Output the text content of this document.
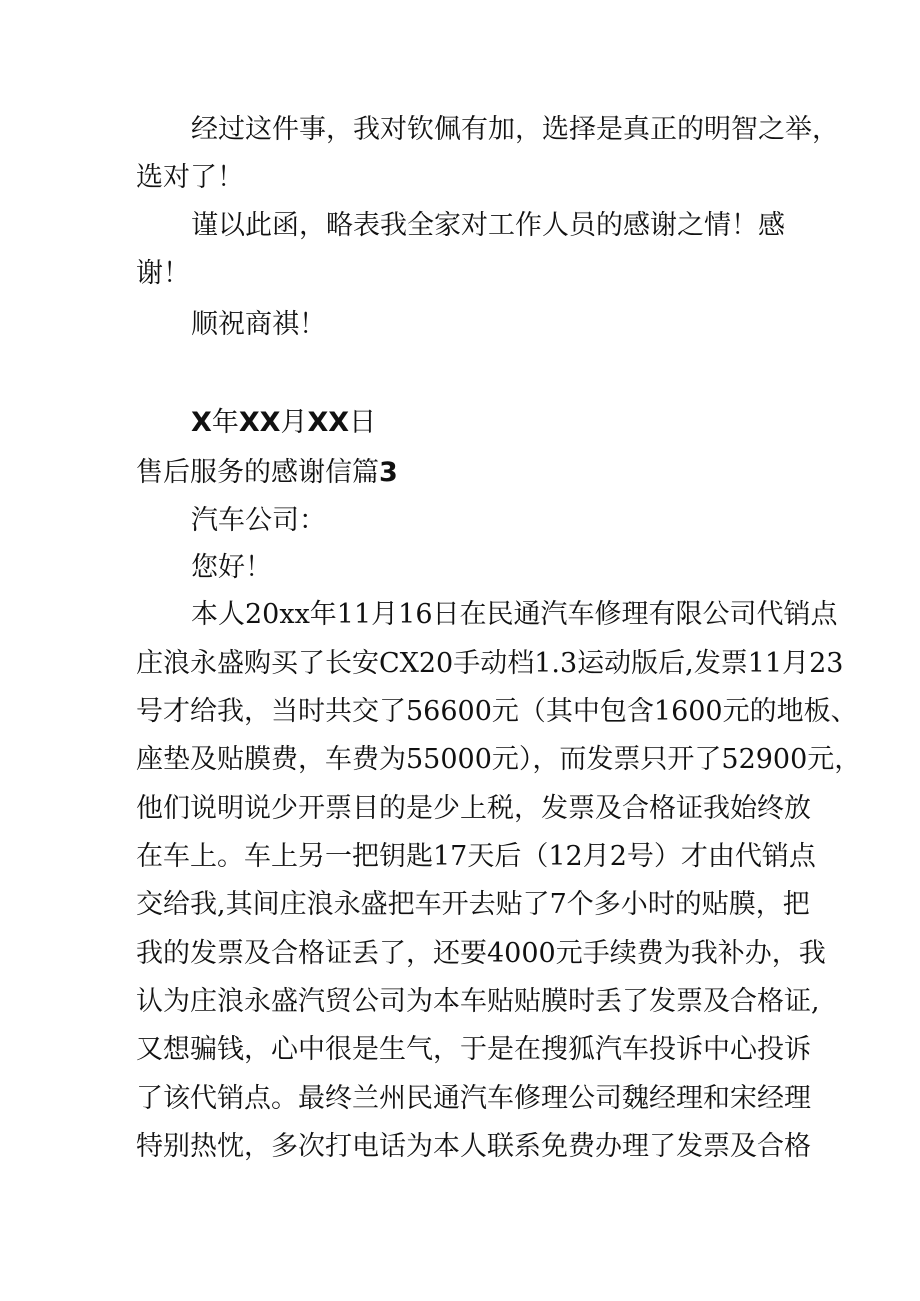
经过这件事，我对钦佩有加，选择是真正的明智之举，
选对了！
谨以此函，略表我全家对工作人员的感谢之情！感
谢！
顺祝商祺！
X年XX月XX日
售后服务的感谢信篇3
汽车公司：
您好！
本人20xx年11月16日在民通汽车修理有限公司代销点
庄浪永盛购买了长安CX20手动档1.3运动版后,发票11月23
号才给我，当时共交了56600元（其中包含1600元的地板、
座垫及贴膜费，车费为55000元），而发票只开了52900元，
他们说明说少开票目的是少上税，发票及合格证我始终放
在车上。车上另一把钥匙17天后（12月2号）才由代销点
交给我,其间庄浪永盛把车开去贴了7个多小时的贴膜，把
我的发票及合格证丢了，还要4000元手续费为我补办，我
认为庄浪永盛汽贸公司为本车贴贴膜时丢了发票及合格证,
又想骗钱，心中很是生气，于是在搜狐汽车投诉中心投诉
了该代销点。最终兰州民通汽车修理公司魏经理和宋经理
特别热忱，多次打电话为本人联系免费办理了发票及合格
